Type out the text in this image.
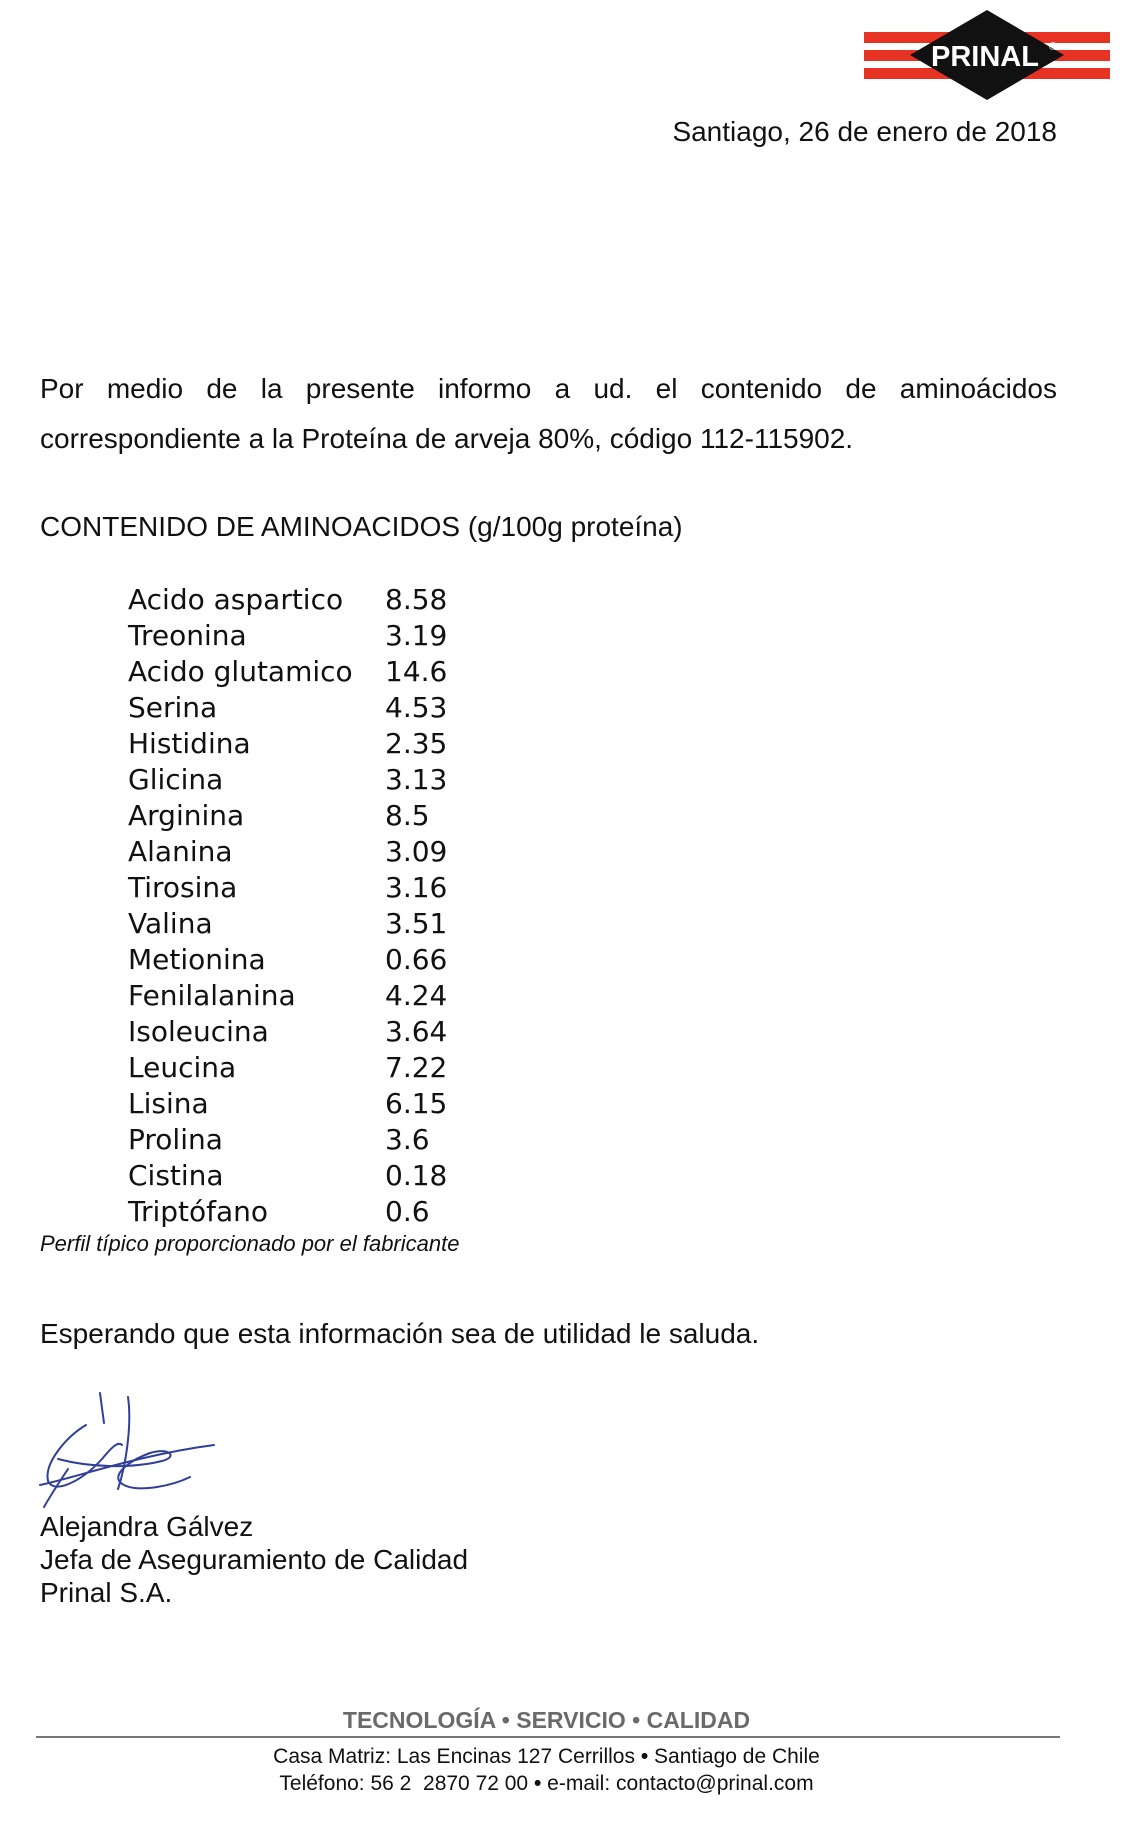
PRINAL ®
Santiago, 26 de enero de 2018

Por medio de la presente informo a ud. el contenido de aminoácidos correspondiente a la Proteína de arveja 80%, código 112-115902.

CONTENIDO DE AMINOACIDOS (g/100g proteína)
Acido aspartico	8.58
Treonina	3.19
Acido glutamico	14.6
Serina	4.53
Histidina	2.35
Glicina	3.13
Arginina	8.5
Alanina	3.09
Tirosina	3.16
Valina	3.51
Metionina	0.66
Fenilalanina	4.24
Isoleucina	3.64
Leucina	7.22
Lisina	6.15
Prolina	3.6
Cistina	0.18
Triptófano	0.6
Perfil típico proporcionado por el fabricante
Esperando que esta información sea de utilidad le saluda.
Alejandra Gálvez
Jefa de Aseguramiento de Calidad
Prinal S.A.
TECNOLOGÍA • SERVICIO • CALIDAD
Casa Matriz: Las Encinas 127 Cerrillos • Santiago de Chile
Teléfono: 56 2  2870 72 00 • e-mail: contacto@prinal.com
